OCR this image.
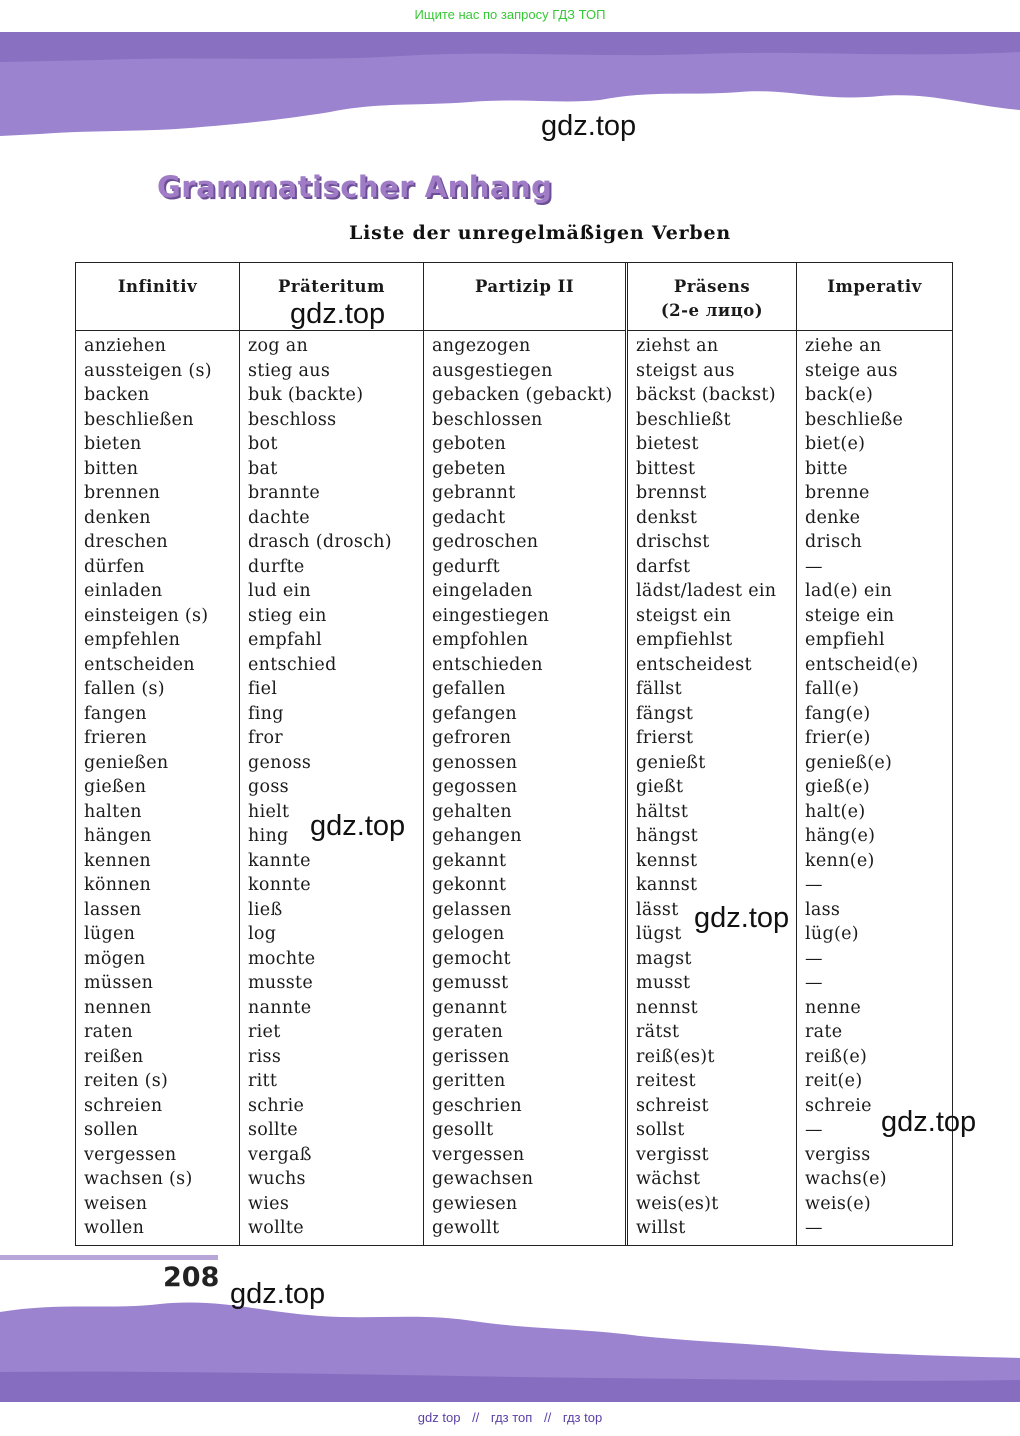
Ищите нас по запросу ГДЗ ТОП
gdz.top
Grammatischer Anhang
Liste der unregelmäßigen Verben
Infinitiv
anziehen
aussteigen (s)
backen
beschließen
bieten
bitten
brennen
denken
dreschen
dürfen
einladen
einsteigen (s)
empfehlen
entscheiden
fallen (s)
fangen
frieren
genießen
gießen
halten
hängen
kennen
können
lassen
lügen
mögen
müssen
nennen
raten
reißen
reiten (s)
schreien
sollen
vergessen
wachsen (s)
weisen
wollen
Präteritum
zog an
stieg aus
buk (backte)
beschloss
bot
bat
brannte
dachte
drasch (drosch)
durfte
lud ein
stieg ein
empfahl
entschied
fiel
fing
fror
genoss
goss
hielt
hing
kannte
konnte
ließ
log
mochte
musste
nannte
riet
riss
ritt
schrie
sollte
vergaß
wuchs
wies
wollte
Partizip II
angezogen
ausgestiegen
gebacken (gebackt)
beschlossen
geboten
gebeten
gebrannt
gedacht
gedroschen
gedurft
eingeladen
eingestiegen
empfohlen
entschieden
gefallen
gefangen
gefroren
genossen
gegossen
gehalten
gehangen
gekannt
gekonnt
gelassen
gelogen
gemocht
gemusst
genannt
geraten
gerissen
geritten
geschrien
gesollt
vergessen
gewachsen
gewiesen
gewollt
Präsens
(2-е лицо)
ziehst an
steigst aus
bäckst (backst)
beschließt
bietest
bittest
brennst
denkst
drischst
darfst
lädst/ladest ein
steigst ein
empfiehlst
entscheidest
fällst
fängst
frierst
genießt
gießt
hältst
hängst
kennst
kannst
lässt
lügst
magst
musst
nennst
rätst
reiß(es)t
reitest
schreist
sollst
vergisst
wächst
weis(es)t
willst
Imperativ
ziehe an
steige aus
back(e)
beschließe
biet(e)
bitte
brenne
denke
drisch
—
lad(e) ein
steige ein
empfiehl
entscheid(e)
fall(e)
fang(e)
frier(e)
genieß(e)
gieß(e)
halt(e)
häng(e)
kenn(e)
—
lass
lüg(e)
—
—
nenne
rate
reiß(e)
reit(e)
schreie
—
vergiss
wachs(e)
weis(e)
—
gdz.top
gdz.top
gdz.top
gdz.top
208
gdz.top
gdz top // гдз топ // гдз top
